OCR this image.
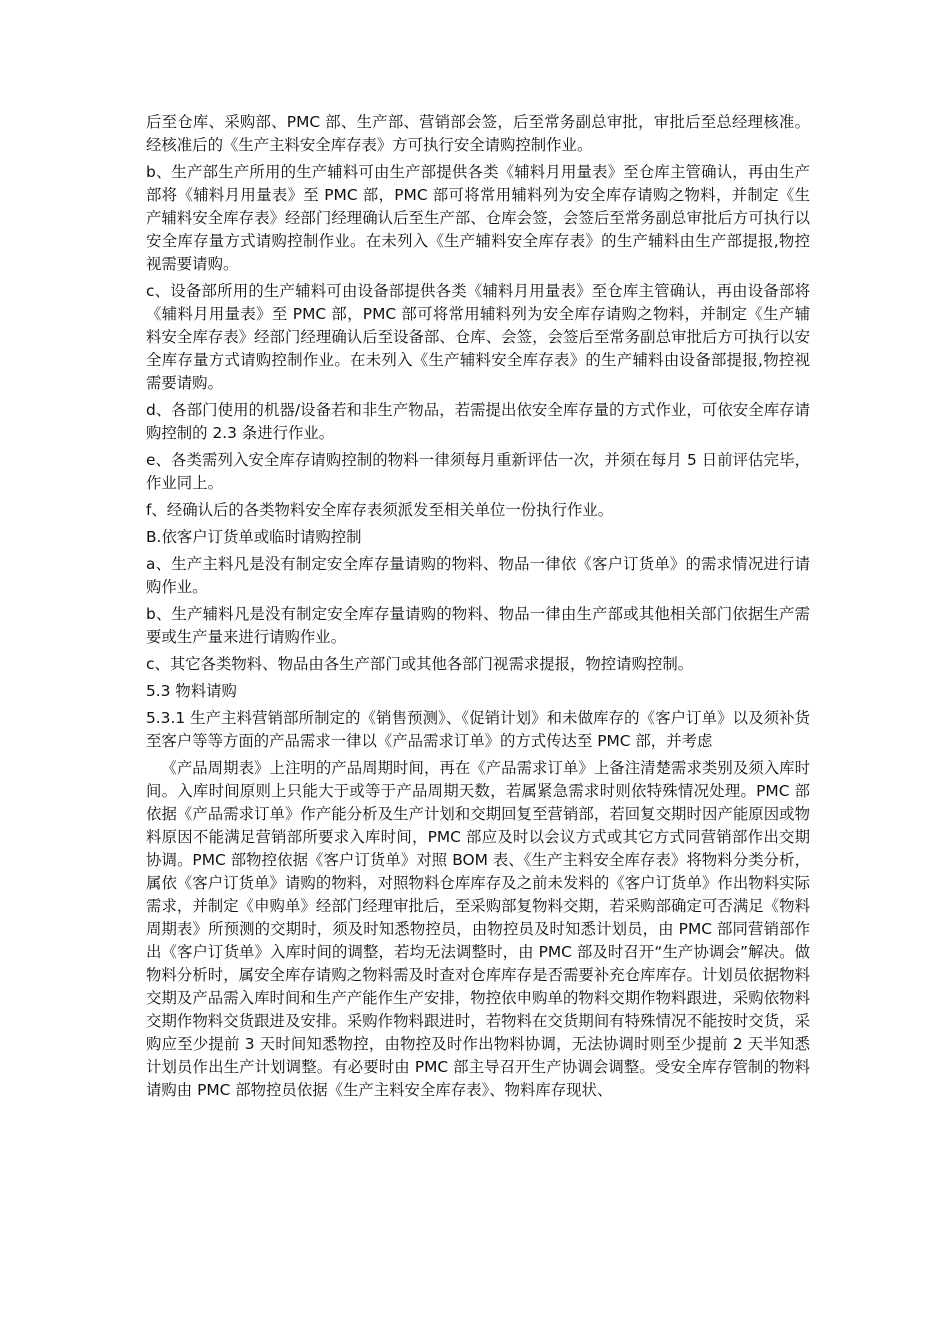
后至仓库、采购部、PMC 部、生产部、营销部会签，后至常务副总审批，审批后至总经理核准。经核准后的《生产主料安全库存表》方可执行安全请购控制作业。

b、生产部生产所用的生产辅料可由生产部提供各类《辅料月用量表》至仓库主管确认，再由生产部将《辅料月用量表》至 PMC 部，PMC 部可将常用辅料列为安全库存请购之物料，并制定《生产辅料安全库存表》经部门经理确认后至生产部、仓库会签，会签后至常务副总审批后方可执行以安全库存量方式请购控制作业。在未列入《生产辅料安全库存表》的生产辅料由生产部提报,物控视需要请购。

c、设备部所用的生产辅料可由设备部提供各类《辅料月用量表》至仓库主管确认，再由设备部将《辅料月用量表》至 PMC 部，PMC 部可将常用辅料列为安全库存请购之物料，并制定《生产辅料安全库存表》经部门经理确认后至设备部、仓库、会签，会签后至常务副总审批后方可执行以安全库存量方式请购控制作业。在未列入《生产辅料安全库存表》的生产辅料由设备部提报,物控视需要请购。

d、各部门使用的机器/设备若和非生产物品，若需提出依安全库存量的方式作业，可依安全库存请购控制的 2.3 条进行作业。

e、各类需列入安全库存请购控制的物料一律须每月重新评估一次，并须在每月 5 日前评估完毕，作业同上。

f、经确认后的各类物料安全库存表须派发至相关单位一份执行作业。

B.依客户订货单或临时请购控制

a、生产主料凡是没有制定安全库存量请购的物料、物品一律依《客户订货单》的需求情况进行请购作业。

b、生产辅料凡是没有制定安全库存量请购的物料、物品一律由生产部或其他相关部门依据生产需要或生产量来进行请购作业。

c、其它各类物料、物品由各生产部门或其他各部门视需求提报，物控请购控制。

5.3 物料请购

5.3.1 生产主料营销部所制定的《销售预测》、《促销计划》和未做库存的《客户订单》以及须补货至客户等等方面的产品需求一律以《产品需求订单》的方式传达至 PMC 部，并考虑

《产品周期表》上注明的产品周期时间，再在《产品需求订单》上备注清楚需求类别及须入库时间。入库时间原则上只能大于或等于产品周期天数，若属紧急需求时则依特殊情况处理。PMC 部依据《产品需求订单》作产能分析及生产计划和交期回复至营销部，若回复交期时因产能原因或物料原因不能满足营销部所要求入库时间，PMC 部应及时以会议方式或其它方式同营销部作出交期协调。PMC 部物控依据《客户订货单》对照 BOM 表、《生产主料安全库存表》将物料分类分析，属依《客户订货单》请购的物料，对照物料仓库库存及之前未发料的《客户订货单》作出物料实际需求，并制定《申购单》经部门经理审批后，至采购部复物料交期，若采购部确定可否满足《物料周期表》所预测的交期时，须及时知悉物控员，由物控员及时知悉计划员，由 PMC 部同营销部作出《客户订货单》入库时间的调整，若均无法调整时，由 PMC 部及时召开“生产协调会”解决。做物料分析时，属安全库存请购之物料需及时查对仓库库存是否需要补充仓库库存。计划员依据物料交期及产品需入库时间和生产产能作生产安排，物控依申购单的物料交期作物料跟进，采购依物料交期作物料交货跟进及安排。采购作物料跟进时，若物料在交货期间有特殊情况不能按时交货，采购应至少提前 3 天时间知悉物控，由物控及时作出物料协调，无法协调时则至少提前 2 天半知悉计划员作出生产计划调整。有必要时由 PMC 部主导召开生产协调会调整。受安全库存管制的物料请购由 PMC 部物控员依据《生产主料安全库存表》、物料库存现状、
